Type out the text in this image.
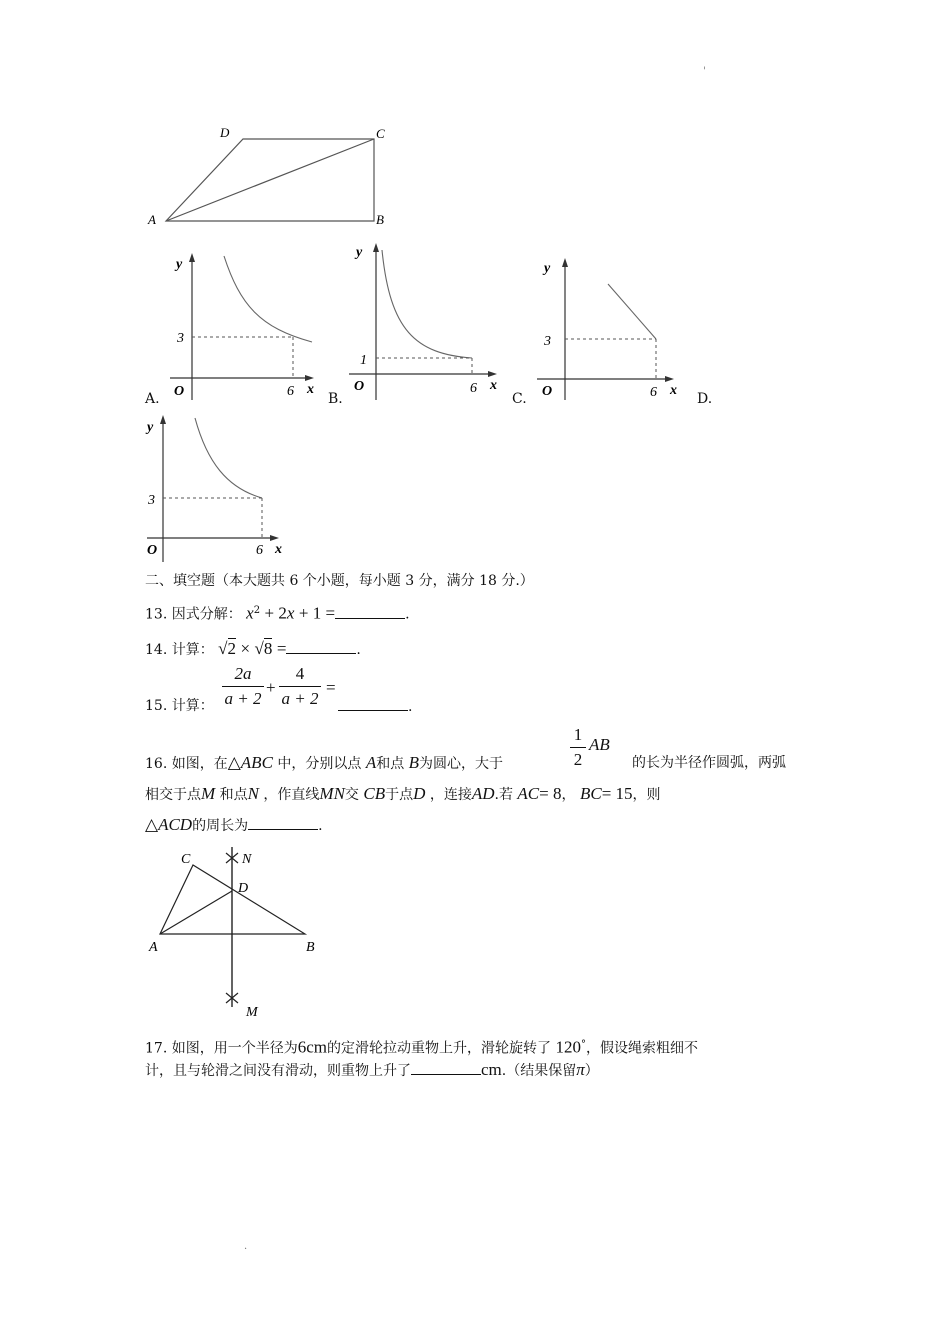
'
D	C
A	B
y
3
O	6 x
A.
y
1
O	6 x
B.
y
3
O	6 x
C.	D.
y
3
O	6 x
二、填空题（本大题共 6 个小题，每小题 3 分，满分 18 分.）
13. 因式分解： $x^2 + 2x + 1$ =	.
14. 计算： √2 × √8 =	.
15. 计算：
2a
a + 2
+
4
a + 2
=
.
16. 如图，在△ABC 中，分别以点 A和点 B为圆心，大于
1
2
AB
的长为半径作圆弧，两弧
相交于点M 和点N ，作直线MN交 CB于点D ，连接AD.若 AC= 8， BC= 15，则
△ACD的周长为	.
C	N
D
A	B
M
17. 如图，用一个半径为6cm的定滑轮拉动重物上升，滑轮旋转了 120°，假设绳索粗细不
计，且与轮滑之间没有滑动，则重物上升了	cm.（结果保留π）
·
